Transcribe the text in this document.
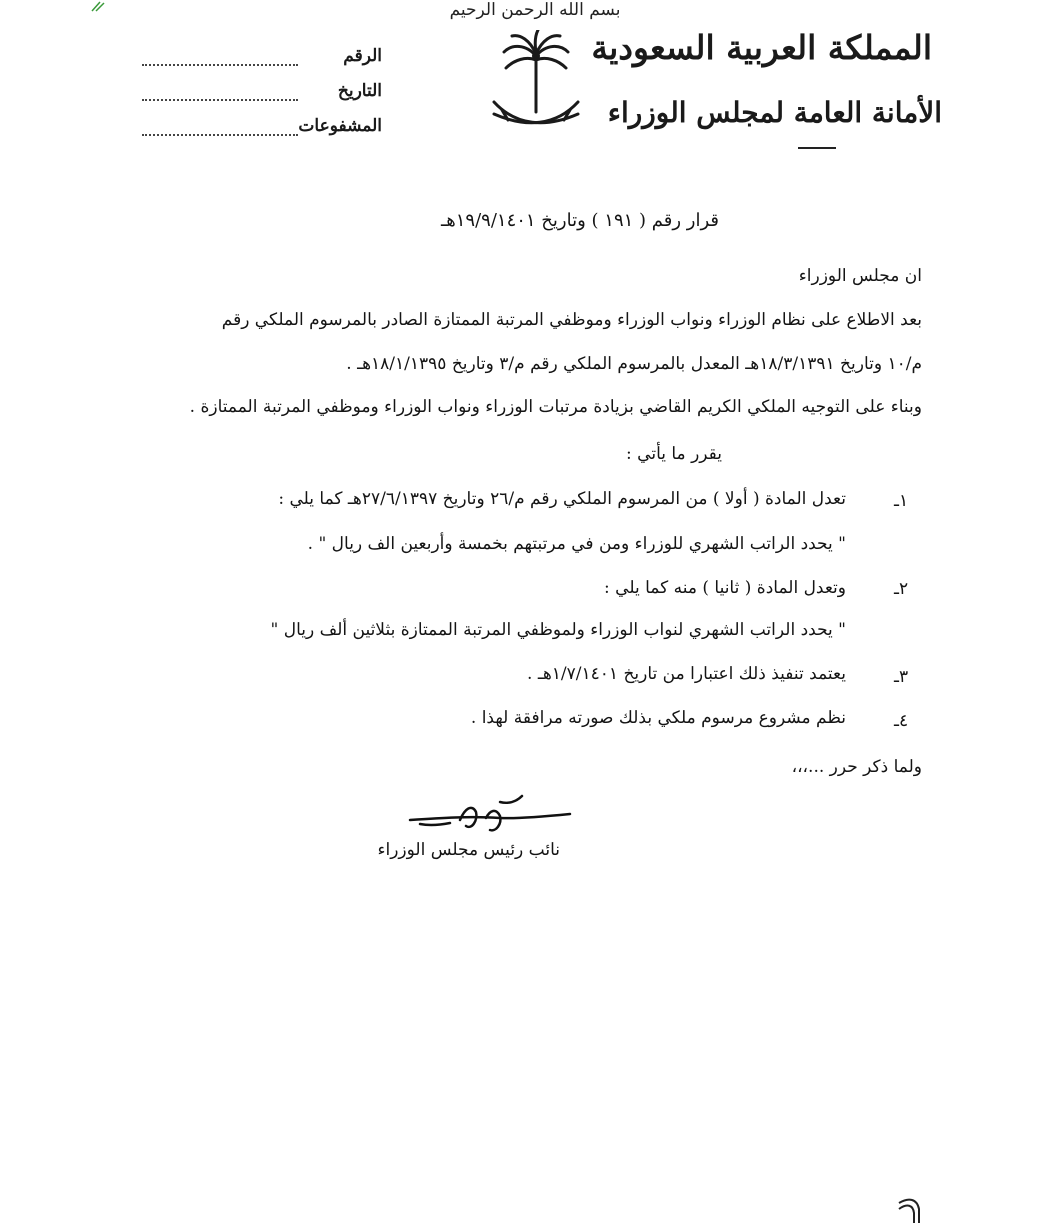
بسم الله الرحمن الرحيم
المملكة العربية السعودية
الأمانة العامة لمجلس الوزراء
الرقم
التاريخ
المشفوعات
قرار رقم ( ١٩١ ) وتاريخ ١٩/٩/١٤٠١هـ
ان مجلس الوزراء
بعد الاطلاع على نظام الوزراء ونواب الوزراء وموظفي المرتبة الممتازة الصادر بالمرسوم الملكي رقم
م/١٠ وتاريخ ١٨/٣/١٣٩١هـ المعدل بالمرسوم الملكي رقم م/٣ وتاريخ ١٨/١/١٣٩٥هـ .
وبناء على التوجيه الملكي الكريم القاضي بزيادة مرتبات الوزراء ونواب الوزراء وموظفي المرتبة الممتازة .
يقرر ما يأتي :
١ـ
تعدل المادة ( أولا ) من المرسوم الملكي رقم م/٢٦ وتاريخ ٢٧/٦/١٣٩٧هـ كما يلي :
" يحدد الراتب الشهري للوزراء ومن في مرتبتهم بخمسة وأربعين الف ريال " .
٢ـ
وتعدل المادة ( ثانيا ) منه كما يلي :
" يحدد الراتب الشهري لنواب الوزراء ولموظفي المرتبة الممتازة بثلاثين ألف ريال "
٣ـ
يعتمد تنفيذ ذلك اعتبارا من تاريخ ١/٧/١٤٠١هـ .
٤ـ
نظم مشروع مرسوم ملكي بذلك صورته مرافقة لهذا .
ولما ذكر حرر ...،،،
نائب رئيس مجلس الوزراء
